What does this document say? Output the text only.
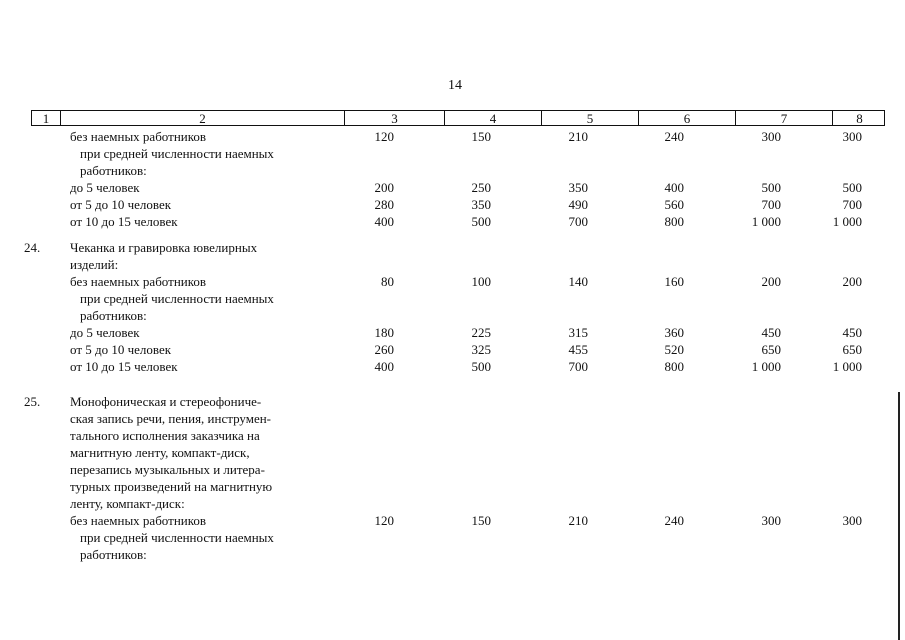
14
1	2	3	4	5	6	7	8
без наемных работников	120	150	210	240	300	300
при средней численности наемных
работников:
до 5 человек	200	250	350	400	500	500
от 5 до 10 человек	280	350	490	560	700	700
от 10 до 15 человек	400	500	700	800	1 000	1 000
24.	Чеканка и гравировка ювелирных
изделий:
без наемных работников	80	100	140	160	200	200
при средней численности наемных
работников:
до 5 человек	180	225	315	360	450	450
от 5 до 10 человек	260	325	455	520	650	650
от 10 до 15 человек	400	500	700	800	1 000	1 000
25.	Монофоническая и стереофониче-
ская запись речи, пения, инструмен-
тального исполнения заказчика на
магнитную ленту, компакт-диск,
перезапись музыкальных и литера-
турных произведений на магнитную
ленту, компакт-диск:
без наемных работников	120	150	210	240	300	300
при средней численности наемных
работников:
